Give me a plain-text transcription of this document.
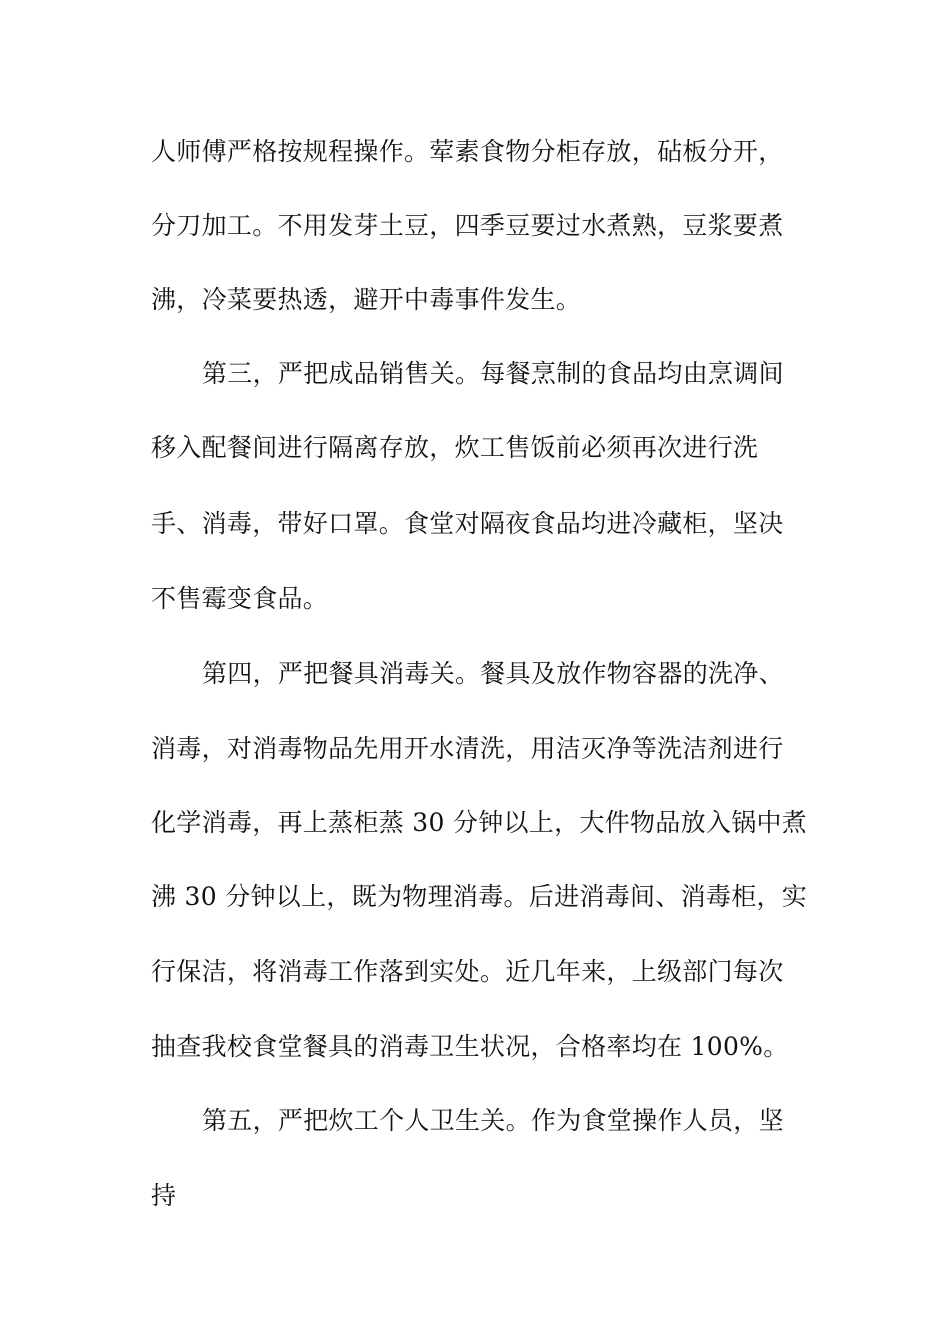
人师傅严格按规程操作。荤素食物分柜存放，砧板分开，
分刀加工。不用发芽土豆，四季豆要过水煮熟，豆浆要煮
沸，冷菜要热透，避开中毒事件发生。
第三，严把成品销售关。每餐烹制的食品均由烹调间
移入配餐间进行隔离存放，炊工售饭前必须再次进行洗
手、消毒，带好口罩。食堂对隔夜食品均进冷藏柜，坚决
不售霉变食品。
第四，严把餐具消毒关。餐具及放作物容器的洗净、
消毒，对消毒物品先用开水清洗，用洁灭净等洗洁剂进行
化学消毒，再上蒸柜蒸 30 分钟以上，大件物品放入锅中煮
沸 30 分钟以上，既为物理消毒。后进消毒间、消毒柜，实
行保洁，将消毒工作落到实处。近几年来，上级部门每次
抽查我校食堂餐具的消毒卫生状况，合格率均在 100%。
第五，严把炊工个人卫生关。作为食堂操作人员，坚
持
